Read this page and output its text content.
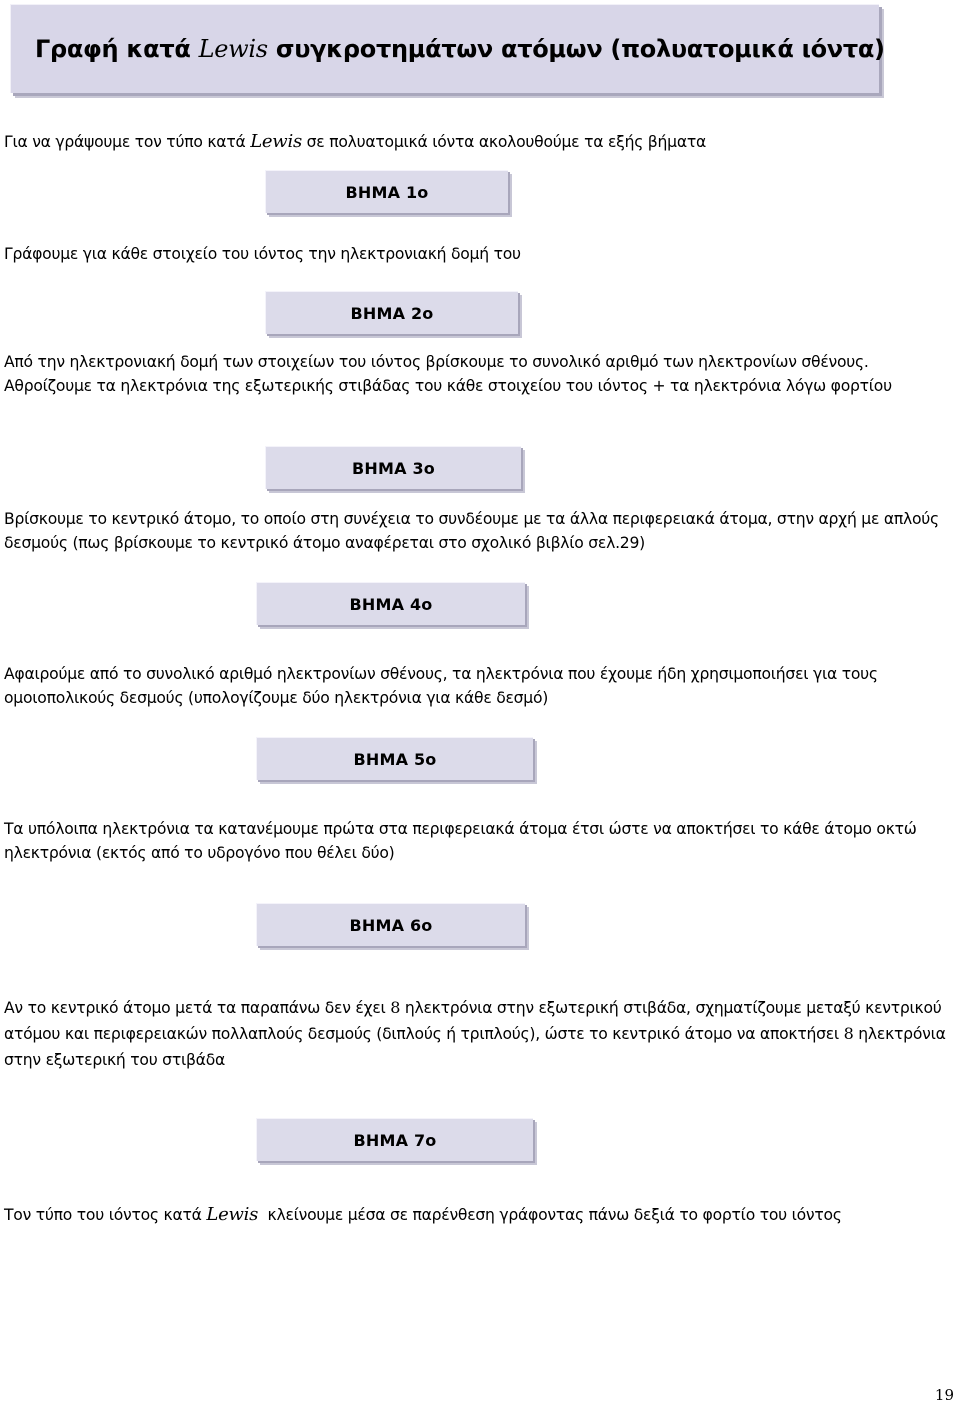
Γραφή κατά Lewis συγκροτημάτων ατόμων (πολυατομικά ιόντα)

Για να γράψουμε τον τύπο κατά Lewis σε πολυατομικά ιόντα ακολουθούμε τα εξής βήματα

ΒΗΜΑ 1ο

Γράφουμε για κάθε στοιχείο του ιόντος την ηλεκτρονιακή δομή του

ΒΗΜΑ 2ο

Από την ηλεκτρονιακή δομή των στοιχείων του ιόντος βρίσκουμε το συνολικό αριθμό των ηλεκτρονίων σθένους. Αθροίζουμε τα ηλεκτρόνια της εξωτερικής στιβάδας του κάθε στοιχείου του ιόντος + τα ηλεκτρόνια λόγω φορτίου

ΒΗΜΑ 3ο

Βρίσκουμε το κεντρικό άτομο, το οποίο στη συνέχεια το συνδέουμε με τα άλλα περιφερειακά άτομα, στην αρχή με απλούς δεσμούς (πως βρίσκουμε το κεντρικό άτομο αναφέρεται στο σχολικό βιβλίο σελ.29)

ΒΗΜΑ 4ο

Αφαιρούμε από το συνολικό αριθμό ηλεκτρονίων σθένους, τα ηλεκτρόνια που έχουμε ήδη χρησιμοποιήσει για τους ομοιοπολικούς δεσμούς (υπολογίζουμε δύο ηλεκτρόνια για κάθε δεσμό)

ΒΗΜΑ 5ο

Τα υπόλοιπα ηλεκτρόνια τα κατανέμουμε πρώτα στα περιφερειακά άτομα έτσι ώστε να αποκτήσει το κάθε άτομο οκτώ ηλεκτρόνια (εκτός από το υδρογόνο που θέλει δύο)

ΒΗΜΑ 6ο

Αν το κεντρικό άτομο μετά τα παραπάνω δεν έχει 8 ηλεκτρόνια στην εξωτερική στιβάδα, σχηματίζουμε μεταξύ κεντρικού ατόμου και περιφερειακών πολλαπλούς δεσμούς (διπλούς ή τριπλούς), ώστε το κεντρικό άτομο να αποκτήσει 8 ηλεκτρόνια στην εξωτερική του στιβάδα

ΒΗΜΑ 7ο

Τον τύπο του ιόντος κατά Lewis  κλείνουμε μέσα σε παρένθεση γράφοντας πάνω δεξιά το φορτίο του ιόντος

19
